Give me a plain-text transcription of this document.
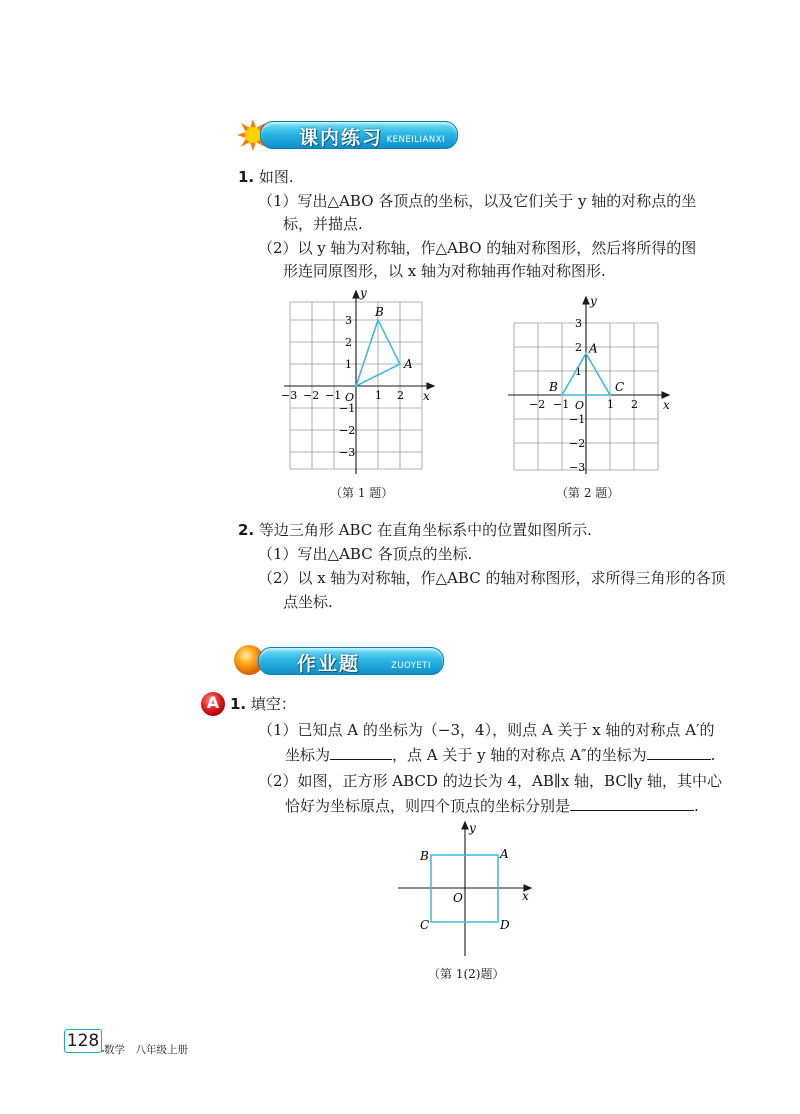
课内练习 KENEILIANXI
1. 如图.
（1）写出△ABO 各顶点的坐标，以及它们关于 y 轴的对称点的坐
标，并描点.
（2）以 y 轴为对称轴，作△ABO 的轴对称图形，然后将所得的图
形连同原图形，以 x 轴为对称轴再作轴对称图形.
−3 −2 −1	1 2
3
2
1
−1
−2
−3
O	x
y
B
A
（第 1 题）
−2 −1	1 2
3
2
1
−1
−2
−3
O	x
y
A
B	C
（第 2 题）
2. 等边三角形 ABC 在直角坐标系中的位置如图所示.
（1）写出△ABC 各顶点的坐标.
（2）以 x 轴为对称轴，作△ABC 的轴对称图形，求所得三角形的各顶
点坐标.
作业题	ZUOYETI
A 1. 填空：
（1）已知点 A 的坐标为（−3，4），则点 A 关于 x 轴的对称点 A′的
坐标为	，点 A 关于 y 轴的对称点 A″的坐标为	.
（2）如图，正方形 ABCD 的边长为 4，AB∥x 轴，BC∥y 轴，其中心
恰好为坐标原点，则四个顶点的坐标分别是	.
B	A
C	D
O	x
y
（第 1(2)题）
128 数学　八年级上册
